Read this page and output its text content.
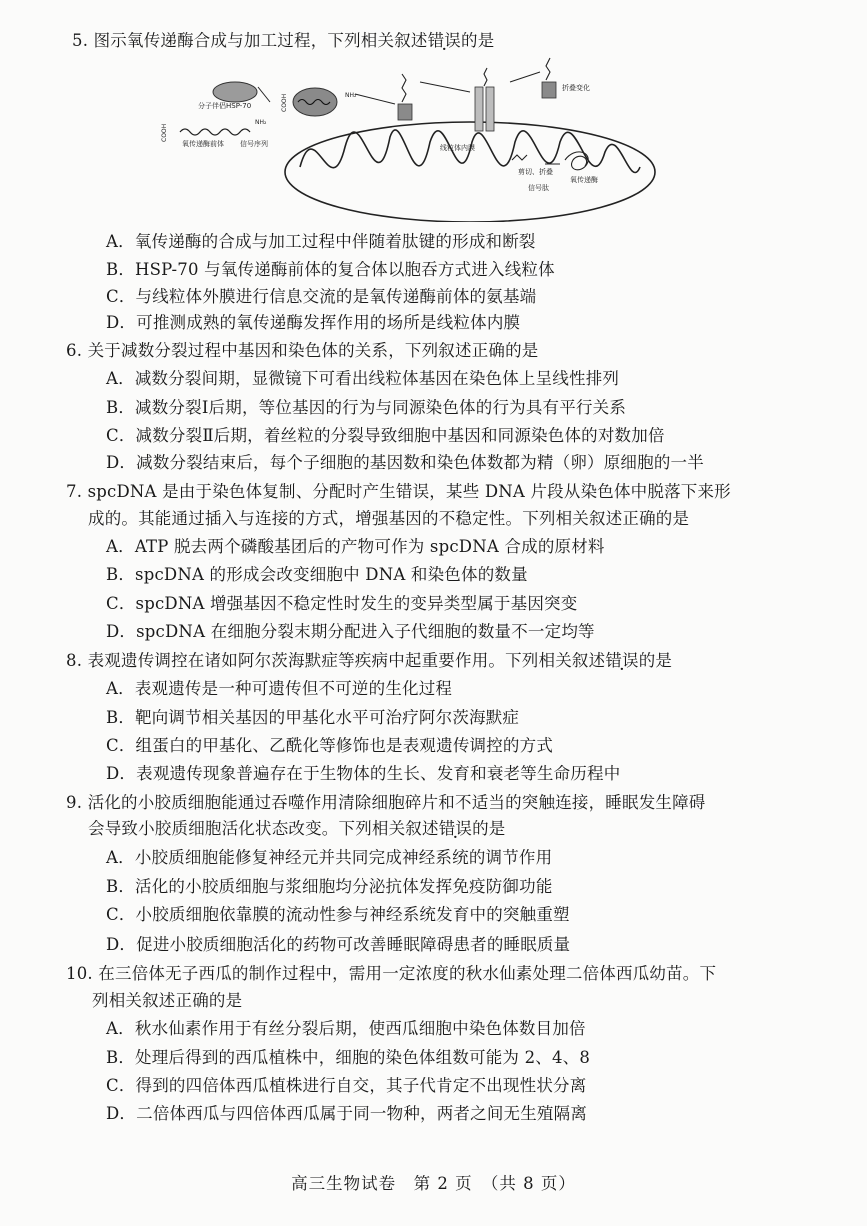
5. 图示氧传递酶合成与加工过程，下列相关叙述错误的是
分子伴侣HSP-70
氧传递酶前体 信号序列
COOH
NH₂
COOH	NH₂
折叠变化
线粒体内膜
剪切、折叠
信号肽
氧传递酶
A．氧传递酶的合成与加工过程中伴随着肽键的形成和断裂
B．HSP-70 与氧传递酶前体的复合体以胞吞方式进入线粒体
C．与线粒体外膜进行信息交流的是氧传递酶前体的氨基端
D．可推测成熟的氧传递酶发挥作用的场所是线粒体内膜
6. 关于减数分裂过程中基因和染色体的关系，下列叙述正确的是
A．减数分裂间期，显微镜下可看出线粒体基因在染色体上呈线性排列
B．减数分裂Ⅰ后期，等位基因的行为与同源染色体的行为具有平行关系
C．减数分裂Ⅱ后期，着丝粒的分裂导致细胞中基因和同源染色体的对数加倍
D．减数分裂结束后，每个子细胞的基因数和染色体数都为精（卵）原细胞的一半
7. spcDNA 是由于染色体复制、分配时产生错误，某些 DNA 片段从染色体中脱落下来形
成的。其能通过插入与连接的方式，增强基因的不稳定性。下列相关叙述正确的是
A．ATP 脱去两个磷酸基团后的产物可作为 spcDNA 合成的原材料
B．spcDNA 的形成会改变细胞中 DNA 和染色体的数量
C．spcDNA 增强基因不稳定性时发生的变异类型属于基因突变
D．spcDNA 在细胞分裂末期分配进入子代细胞的数量不一定均等
8. 表观遗传调控在诸如阿尔茨海默症等疾病中起重要作用。下列相关叙述错误的是
A．表观遗传是一种可遗传但不可逆的生化过程
B．靶向调节相关基因的甲基化水平可治疗阿尔茨海默症
C．组蛋白的甲基化、乙酰化等修饰也是表观遗传调控的方式
D．表观遗传现象普遍存在于生物体的生长、发育和衰老等生命历程中
9. 活化的小胶质细胞能通过吞噬作用清除细胞碎片和不适当的突触连接，睡眠发生障碍
会导致小胶质细胞活化状态改变。下列相关叙述错误的是
A．小胶质细胞能修复神经元并共同完成神经系统的调节作用
B．活化的小胶质细胞与浆细胞均分泌抗体发挥免疫防御功能
C．小胶质细胞依靠膜的流动性参与神经系统发育中的突触重塑
D．促进小胶质细胞活化的药物可改善睡眠障碍患者的睡眠质量
10. 在三倍体无子西瓜的制作过程中，需用一定浓度的秋水仙素处理二倍体西瓜幼苗。下
列相关叙述正确的是
A．秋水仙素作用于有丝分裂后期，使西瓜细胞中染色体数目加倍
B．处理后得到的西瓜植株中，细胞的染色体组数可能为 2、4、8
C．得到的四倍体西瓜植株进行自交，其子代肯定不出现性状分离
D．二倍体西瓜与四倍体西瓜属于同一物种，两者之间无生殖隔离
高三生物试卷　第 2 页　（共 8 页）
